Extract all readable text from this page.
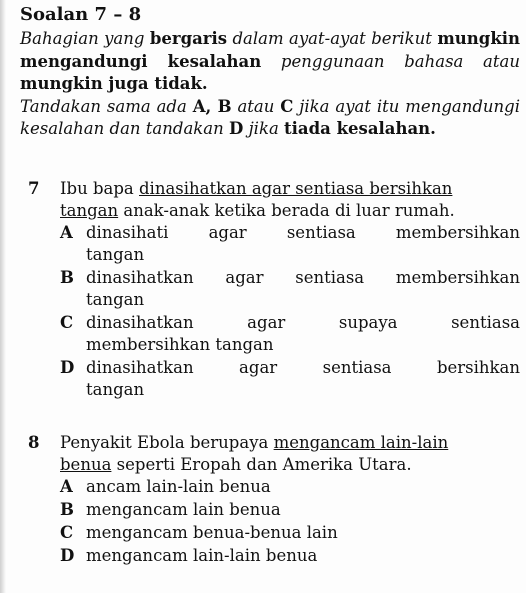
Soalan 7 – 8

Bahagian yang bergaris dalam ayat-ayat berikut mungkin mengandungi kesalahan penggunaan bahasa atau mungkin juga tidak.

Tandakan sama ada A, B atau C jika ayat itu mengandungi kesalahan dan tandakan D jika tiada kesalahan.

7 Ibu bapa dinasihatkan agar sentiasa bersihkan
tangan anak-anak ketika berada di luar rumah.
A dinasihati agar sentiasa membersihkan
tangan
B dinasihatkan agar sentiasa membersihkan
tangan
C dinasihatkan agar supaya sentiasa
membersihkan tangan
D dinasihatkan agar sentiasa bersihkan
tangan
8 Penyakit Ebola berupaya mengancam lain-lain
benua seperti Eropah dan Amerika Utara.
A ancam lain-lain benua
B mengancam lain benua
C mengancam benua-benua lain
D mengancam lain-lain benua
